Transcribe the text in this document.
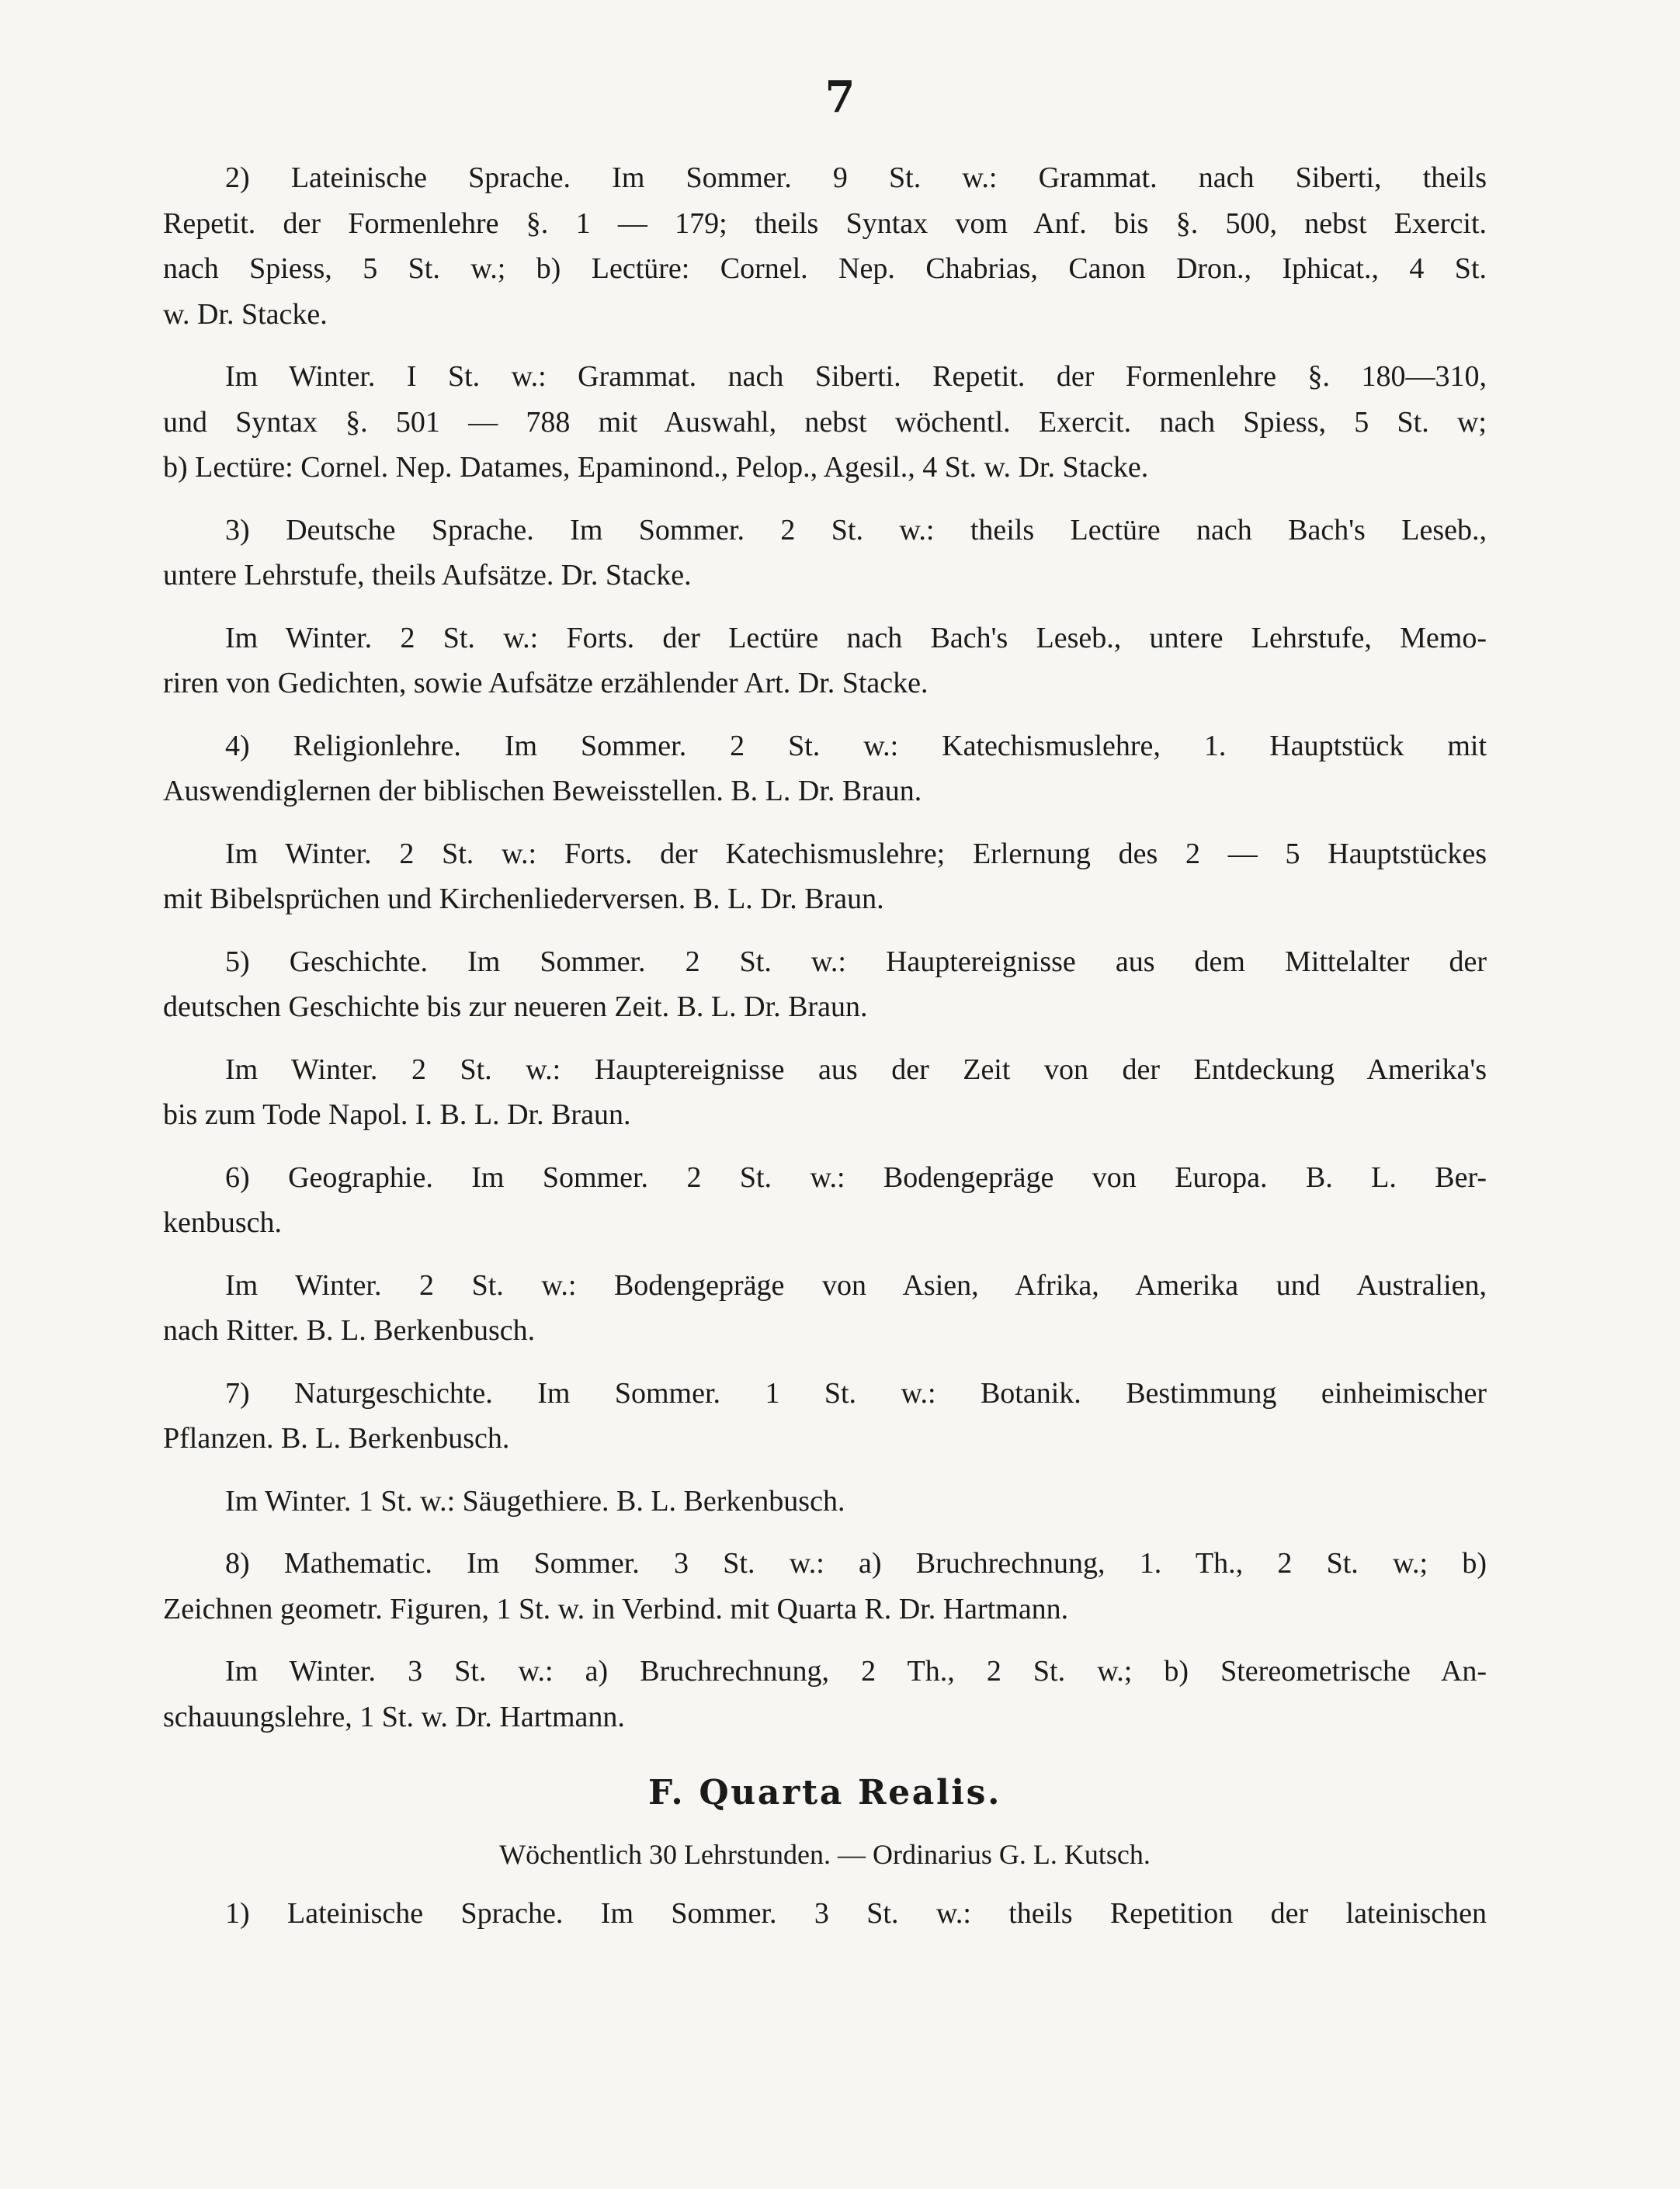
7
2) Lateinische Sprache. Im Sommer. 9 St. w.: Grammat. nach Siberti, theils
Repetit. der Formenlehre §. 1 — 179; theils Syntax vom Anf. bis §. 500, nebst Exercit.
nach Spiess, 5 St. w.; b) Lectüre: Cornel. Nep. Chabrias, Canon Dron., Iphicat., 4 St.
w. Dr. Stacke.
Im Winter. I St. w.: Grammat. nach Siberti. Repetit. der Formenlehre §. 180—310,
und Syntax §. 501 — 788 mit Auswahl, nebst wöchentl. Exercit. nach Spiess, 5 St. w;
b) Lectüre: Cornel. Nep. Datames, Epaminond., Pelop., Agesil., 4 St. w. Dr. Stacke.
3) Deutsche Sprache. Im Sommer. 2 St. w.: theils Lectüre nach Bach's Leseb.,
untere Lehrstufe, theils Aufsätze. Dr. Stacke.
Im Winter. 2 St. w.: Forts. der Lectüre nach Bach's Leseb., untere Lehrstufe, Memo-
riren von Gedichten, sowie Aufsätze erzählender Art. Dr. Stacke.
4) Religionlehre. Im Sommer. 2 St. w.: Katechismuslehre, 1. Hauptstück mit
Auswendiglernen der biblischen Beweisstellen. B. L. Dr. Braun.
Im Winter. 2 St. w.: Forts. der Katechismuslehre; Erlernung des 2 — 5 Hauptstückes
mit Bibelsprüchen und Kirchenliederversen. B. L. Dr. Braun.
5) Geschichte. Im Sommer. 2 St. w.: Hauptereignisse aus dem Mittelalter der
deutschen Geschichte bis zur neueren Zeit. B. L. Dr. Braun.
Im Winter. 2 St. w.: Hauptereignisse aus der Zeit von der Entdeckung Amerika's
bis zum Tode Napol. I. B. L. Dr. Braun.
6) Geographie. Im Sommer. 2 St. w.: Bodengepräge von Europa. B. L. Ber-
kenbusch.
Im Winter. 2 St. w.: Bodengepräge von Asien, Afrika, Amerika und Australien,
nach Ritter. B. L. Berkenbusch.
7) Naturgeschichte. Im Sommer. 1 St. w.: Botanik. Bestimmung einheimischer
Pflanzen. B. L. Berkenbusch.
Im Winter. 1 St. w.: Säugethiere. B. L. Berkenbusch.
8) Mathematic. Im Sommer. 3 St. w.: a) Bruchrechnung, 1. Th., 2 St. w.; b)
Zeichnen geometr. Figuren, 1 St. w. in Verbind. mit Quarta R. Dr. Hartmann.
Im Winter. 3 St. w.: a) Bruchrechnung, 2 Th., 2 St. w.; b) Stereometrische An-
schauungslehre, 1 St. w. Dr. Hartmann.
F. Quarta Realis.
Wöchentlich 30 Lehrstunden. — Ordinarius G. L. Kutsch.
1) Lateinische Sprache. Im Sommer. 3 St. w.: theils Repetition der lateinischen
